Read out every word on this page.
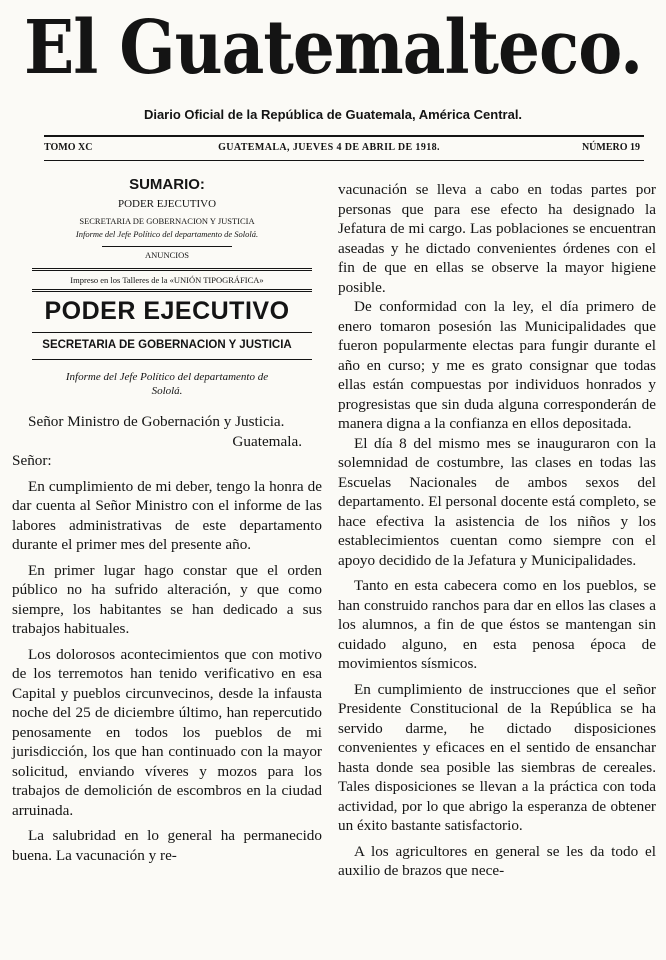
El Guatemalteco.
Diario Oficial de la República de Guatemala, América Central.
TOMO XC	GUATEMALA, JUEVES 4 DE ABRIL DE 1918.	NÚMERO 19
SUMARIO:
PODER EJECUTIVO
SECRETARIA DE GOBERNACION Y JUSTICIA
Informe del Jefe Político del departamento de Sololá.
ANUNCIOS
Impreso en los Talleres de la «UNIÓN TIPOGRÁFICA»
PODER EJECUTIVO
SECRETARIA DE GOBERNACION Y JUSTICIA
Informe del Jefe Político del departamento de Sololá.

Señor Ministro de Gobernación y Justicia.

Guatemala.

Señor:

En cumplimiento de mi deber, tengo la honra de dar cuenta al Señor Ministro con el informe de las labores administrativas de este departamento durante el primer mes del presente año.

En primer lugar hago constar que el orden público no ha sufrido alteración, y que como siempre, los habitantes se han dedicado a sus trabajos habituales.

Los dolorosos acontecimientos que con motivo de los terremotos han tenido verificativo en esa Capital y pueblos circunvecinos, desde la infausta noche del 25 de diciembre último, han repercutido penosamente en todos los pueblos de mi jurisdicción, los que han continuado con la mayor solicitud, enviando víveres y mozos para los trabajos de demolición de escombros en la ciudad arruinada.

La salubridad en lo general ha permanecido buena. La vacunación y re-

vacunación se lleva a cabo en todas partes por personas que para ese efecto ha designado la Jefatura de mi cargo. Las poblaciones se encuentran aseadas y he dictado convenientes órdenes con el fin de que en ellas se observe la mayor higiene posible.

De conformidad con la ley, el día primero de enero tomaron posesión las Municipalidades que fueron popularmente electas para fungir durante el año en curso; y me es grato consignar que todas ellas están compuestas por individuos honrados y progresistas que sin duda alguna corresponderán de manera digna a la confianza en ellos depositada.

El día 8 del mismo mes se inauguraron con la solemnidad de costumbre, las clases en todas las Escuelas Nacionales de ambos sexos del departamento. El personal docente está completo, se hace efectiva la asistencia de los niños y los establecimientos cuentan como siempre con el apoyo decidido de la Jefatura y Municipalidades.

Tanto en esta cabecera como en los pueblos, se han construido ranchos para dar en ellos las clases a los alumnos, a fin de que éstos se mantengan sin cuidado alguno, en esta penosa época de movimientos sísmicos.

En cumplimiento de instrucciones que el señor Presidente Constitucional de la República se ha servido darme, he dictado disposiciones convenientes y eficaces en el sentido de ensanchar hasta donde sea posible las siembras de cereales. Tales disposiciones se llevan a la práctica con toda actividad, por lo que abrigo la esperanza de obtener un éxito bastante satisfactorio.

A los agricultores en general se les da todo el auxilio de brazos que nece-
